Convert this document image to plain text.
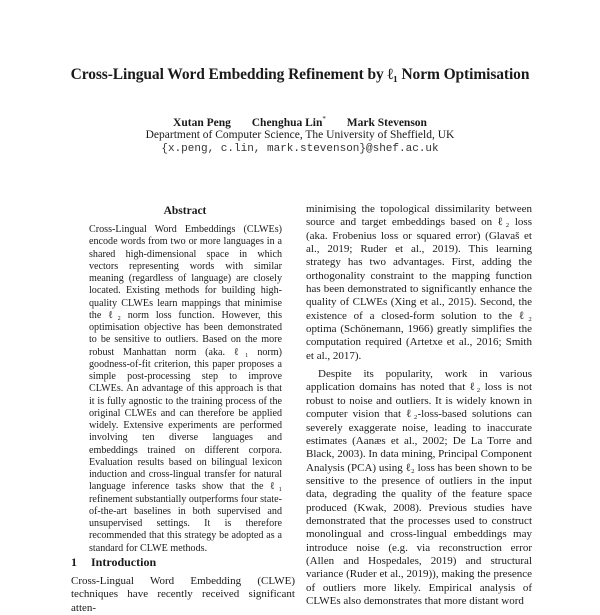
Cross-Lingual Word Embedding Refinement by ℓ₁ Norm Optimisation
Xutan Peng Chenghua Lin* Mark Stevenson
Department of Computer Science, The University of Sheffield, UK
{x.peng, c.lin, mark.stevenson}@shef.ac.uk
Abstract
Cross-Lingual Word Embeddings (CLWEs) encode words from two or more languages in a shared high-dimensional space in which vectors representing words with similar meaning (regardless of language) are closely located. Existing methods for building high-quality CLWEs learn mappings that minimise the ℓ₂ norm loss function. However, this optimisation objective has been demonstrated to be sensitive to outliers. Based on the more robust Manhattan norm (aka. ℓ₁ norm) goodness-of-fit criterion, this paper proposes a simple post-processing step to improve CLWEs. An advantage of this approach is that it is fully agnostic to the training process of the original CLWEs and can therefore be applied widely. Extensive experiments are performed involving ten diverse languages and embeddings trained on different corpora. Evaluation results based on bilingual lexicon induction and cross-lingual transfer for natural language inference tasks show that the ℓ₁ refinement substantially outperforms four state-of-the-art baselines in both supervised and unsupervised settings. It is therefore recommended that this strategy be adopted as a standard for CLWE methods.
1 Introduction
Cross-Lingual Word Embedding (CLWE) techniques have recently received significant atten-

minimising the topological dissimilarity between source and target embeddings based on ℓ₂ loss (aka. Frobenius loss or squared error) (Glavaš et al., 2019; Ruder et al., 2019). This learning strategy has two advantages. First, adding the orthogonality constraint to the mapping function has been demonstrated to significantly enhance the quality of CLWEs (Xing et al., 2015). Second, the existence of a closed-form solution to the ℓ₂ optima (Schönemann, 1966) greatly simplifies the computation required (Artetxe et al., 2016; Smith et al., 2017).

Despite its popularity, work in various application domains has noted that ℓ₂ loss is not robust to noise and outliers. It is widely known in computer vision that ℓ₂-loss-based solutions can severely exaggerate noise, leading to inaccurate estimates (Aanæs et al., 2002; De La Torre and Black, 2003). In data mining, Principal Component Analysis (PCA) using ℓ₂ loss has been shown to be sensitive to the presence of outliers in the input data, degrading the quality of the feature space produced (Kwak, 2008). Previous studies have demonstrated that the processes used to construct monolingual and cross-lingual embeddings may introduce noise (e.g. via reconstruction error (Allen and Hospedales, 2019) and structural variance (Ruder et al., 2019)), making the presence of outliers more likely. Empirical analysis of CLWEs also demonstrates that more distant word
